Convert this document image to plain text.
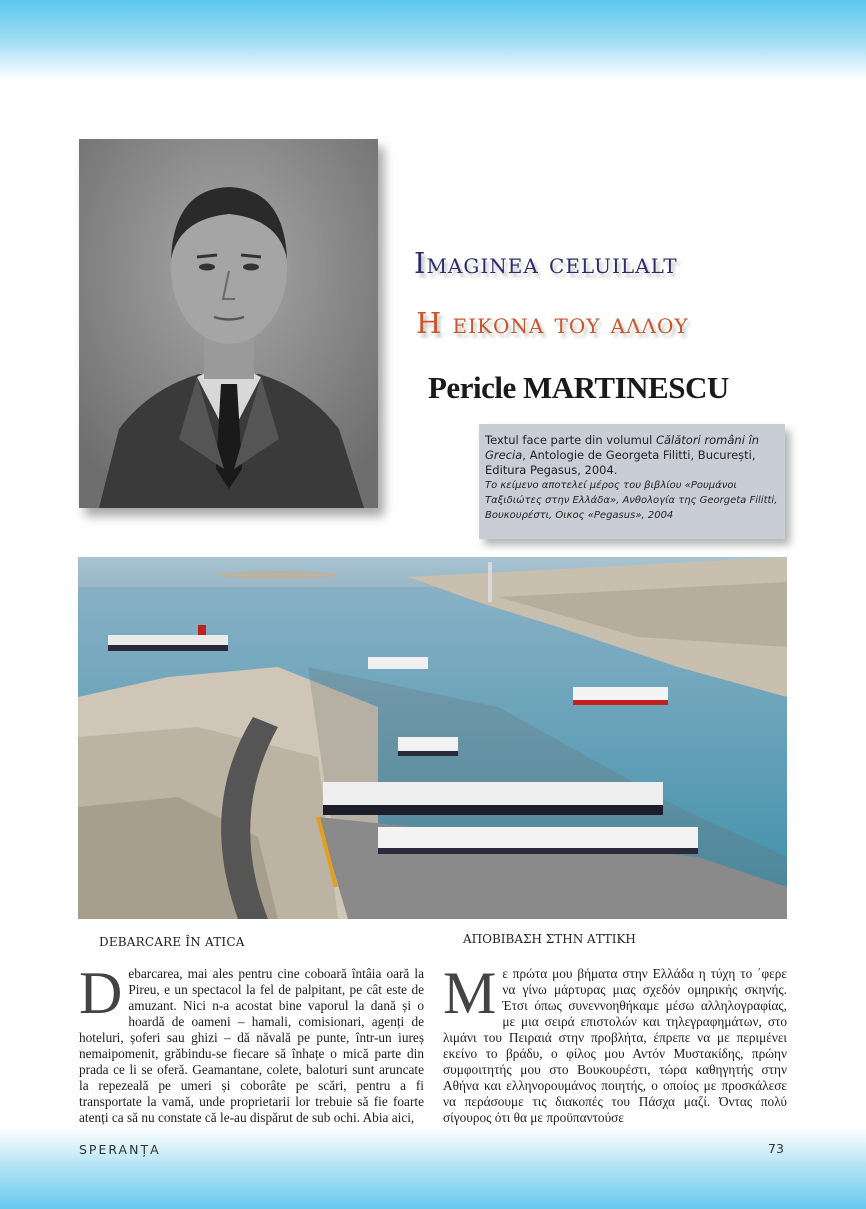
Imaginea celuilalt
Η εικονα του αλλου
Pericle MARTINESCU
Textul face parte din volumul Călători români în Grecia, Antologie de Georgeta Filitti, București, Editura Pegasus, 2004.
Το κείμενο αποτελεί μέρος του βιβλίου «Ρουμάνοι Ταξιδιώτες στην Ελλάδα», Ανθολογία της Georgeta Filitti, Βουκουρέστι, Οικος «Pegasus», 2004
DEBARCARE ÎN ATICA	ΑΠΟΒΙΒΑΣΗ ΣΤΗΝ ΑΤΤΙΚΗ
Debarcarea, mai ales pentru cine coboară întâia oară la Pireu, e un spectacol la fel de palpitant, pe cât este de amuzant. Nici n-a acostat bine vaporul la dană și o hoardă de oameni – hamali, comisionari, agenți de hoteluri, șoferi sau ghizi – dă năvală pe punte, într-un iureș nemaipomenit, grăbindu-se fiecare să înhațe o mică parte din prada ce li se oferă. Geamantane, colete, baloturi sunt aruncate la repezeală pe umeri și coborâte pe scări, pentru a fi transportate la vamă, unde proprietarii lor trebuie să fie foarte atenți ca să nu constate că le-au dispărut de sub ochi. Abia aici,
Με πρώτα μου βήματα στην Ελλάδα η τύχη το ΄φερε να γίνω μάρτυρας μιας σχεδόν ομηρικής σκηνής. Έτσι όπως συνεννοηθήκαμε μέσω αλληλογραφίας, με μια σειρά επιστολών και τηλεγραφημάτων, στο λιμάνι του Πειραιά στην προβλήτα, έπρεπε να με περιμένει εκείνο το βράδυ, ο φίλος μου Αντόν Μυστακίδης, πρώην συμφοιτητής μου στο Βουκουρέστι, τώρα καθηγητής στην Αθήνα και ελληνορουμάνος ποιητής, ο οποίος με προσκάλεσε να περάσουμε τις διακοπές του Πάσχα μαζί. Όντας πολύ σίγουρος ότι θα με προϋπαντούσε
SPERANȚA	73
